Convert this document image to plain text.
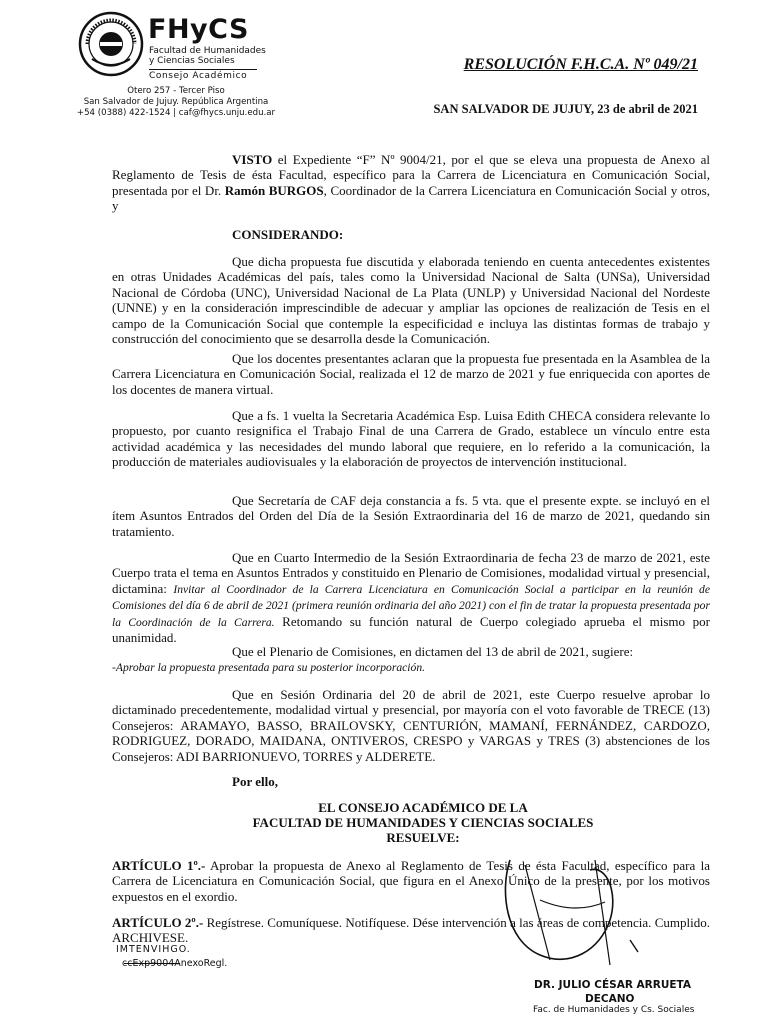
FHyCS
Facultad de Humanidades
y Ciencias Sociales
Consejo Académico
Otero 257 - Tercer Piso
San Salvador de Jujuy. República Argentina
+54 (0388) 422-1524 | caf@fhycs.unju.edu.ar
RESOLUCIÓN F.H.C.A. Nº 049/21
SAN SALVADOR DE JUJUY, 23 de abril de 2021
VISTO el Expediente “F” Nº 9004/21, por el que se eleva una propuesta de Anexo al Reglamento de Tesis de ésta Facultad, específico para la Carrera de Licenciatura en Comunicación Social, presentada por el Dr. Ramón BURGOS, Coordinador de la Carrera Licenciatura en Comunicación Social y otros, y
CONSIDERANDO:
Que dicha propuesta fue discutida y elaborada teniendo en cuenta antecedentes existentes en otras Unidades Académicas del país, tales como la Universidad Nacional de Salta (UNSa), Universidad Nacional de Córdoba (UNC), Universidad Nacional de La Plata (UNLP) y Universidad Nacional del Nordeste (UNNE) y en la consideración imprescindible de adecuar y ampliar las opciones de realización de Tesis en el campo de la Comunicación Social que contemple la especificidad e incluya las distintas formas de trabajo y construcción del conocimiento que se desarrolla desde la Comunicación.
Que los docentes presentantes aclaran que la propuesta fue presentada en la Asamblea de la Carrera Licenciatura en Comunicación Social, realizada el 12 de marzo de 2021 y fue enriquecida con aportes de los docentes de manera virtual.
Que a fs. 1 vuelta la Secretaria Académica Esp. Luisa Edith CHECA considera relevante lo propuesto, por cuanto resignifica el Trabajo Final de una Carrera de Grado, establece un vínculo entre esta actividad académica y las necesidades del mundo laboral que requiere, en lo referido a la comunicación, la producción de materiales audiovisuales y la elaboración de proyectos de intervención institucional.
Que Secretaría de CAF deja constancia a fs. 5 vta. que el presente expte. se incluyó en el ítem Asuntos Entrados del Orden del Día de la Sesión Extraordinaria del 16 de marzo de 2021, quedando sin tratamiento.
Que en Cuarto Intermedio de la Sesión Extraordinaria de fecha 23 de marzo de 2021, este Cuerpo trata el tema en Asuntos Entrados y constituido en Plenario de Comisiones, modalidad virtual y presencial, dictamina: Invitar al Coordinador de la Carrera Licenciatura en Comunicación Social a participar en la reunión de Comisiones del día 6 de abril de 2021 (primera reunión ordinaria del año 2021) con el fin de tratar la propuesta presentada por la Coordinación de la Carrera. Retomando su función natural de Cuerpo colegiado aprueba el mismo por unanimidad.
Que el Plenario de Comisiones, en dictamen del 13 de abril de 2021, sugiere:
-Aprobar la propuesta presentada para su posterior incorporación.
Que en Sesión Ordinaria del 20 de abril de 2021, este Cuerpo resuelve aprobar lo dictaminado precedentemente, modalidad virtual y presencial, por mayoría con el voto favorable de TRECE (13) Consejeros: ARAMAYO, BASSO, BRAILOVSKY, CENTURIÓN, MAMANÍ, FERNÁNDEZ, CARDOZO, RODRIGUEZ, DORADO, MAIDANA, ONTIVEROS, CRESPO y VARGAS y TRES (3) abstenciones de los Consejeros: ADI BARRIONUEVO, TORRES y ALDERETE.
Por ello,
EL CONSEJO ACADÉMICO DE LA
FACULTAD DE HUMANIDADES Y CIENCIAS SOCIALES
RESUELVE:
ARTÍCULO 1º.- Aprobar la propuesta de Anexo al Reglamento de Tesis de ésta Facultad, específico para la Carrera de Licenciatura en Comunicación Social, que figura en el Anexo Único de la presente, por los motivos expuestos en el exordio.
ARTÍCULO 2º.- Regístrese. Comuníquese. Notifíquese. Dése intervención a las áreas de competencia. Cumplido. ARCHIVESE.
IMTENVIHGO.
ccExp9004AnexoRegl.
DR. JULIO CÉSAR ARRUETA
DECANO
Fac. de Humanidades y Cs. Sociales
